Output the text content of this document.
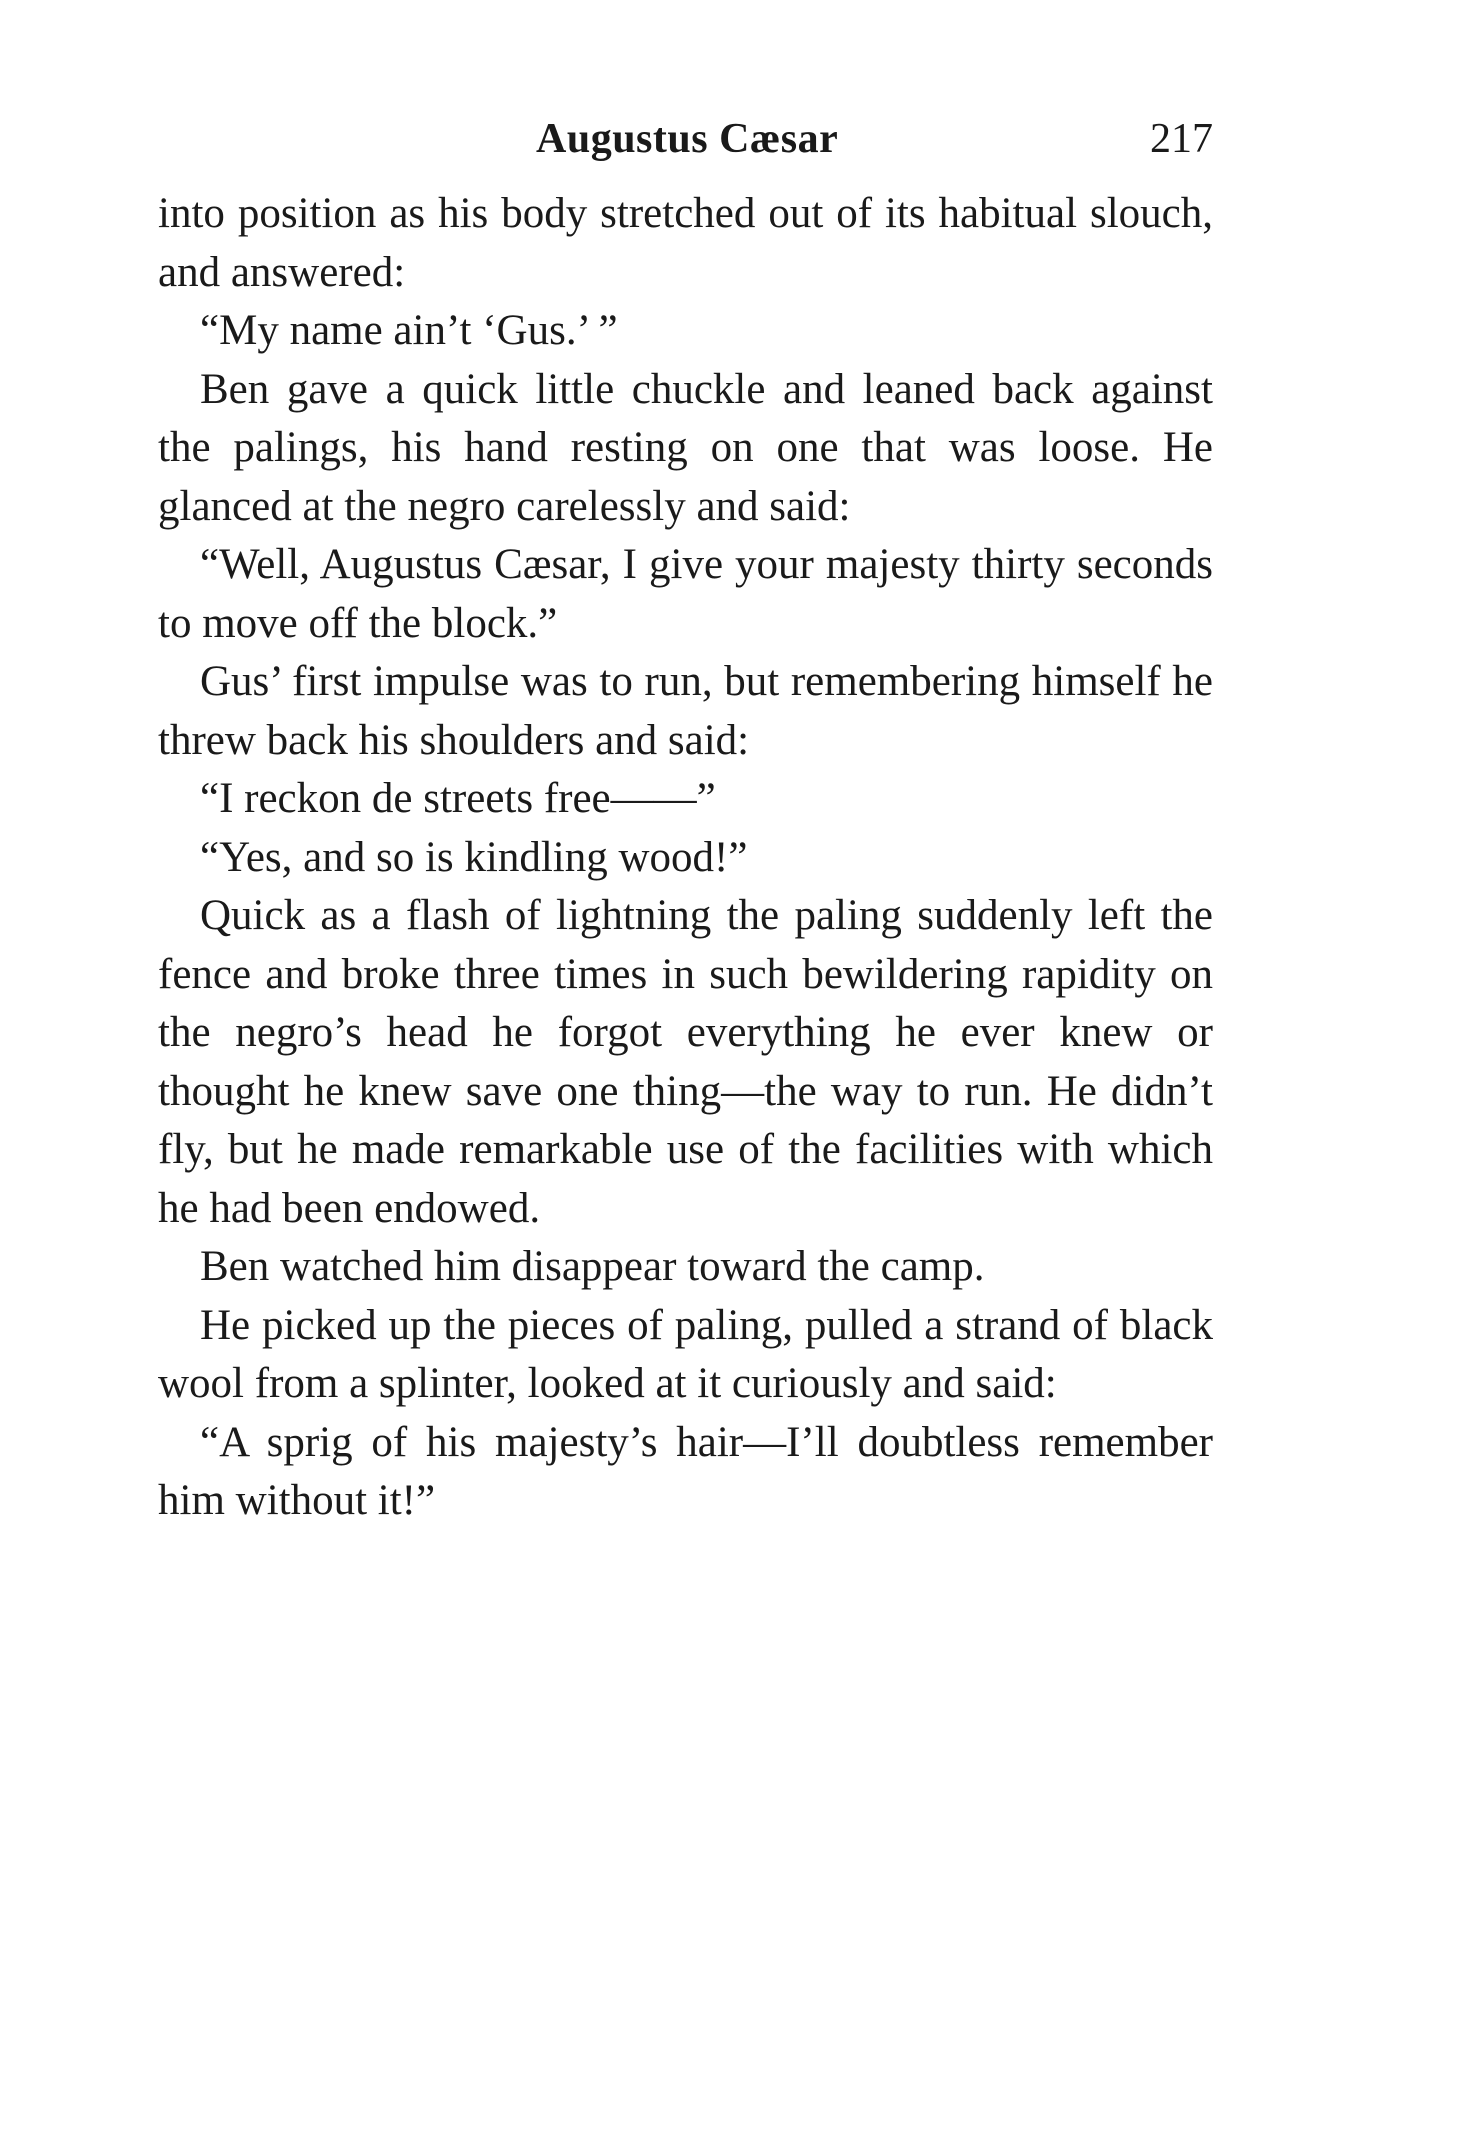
Augustus Cæsar	217

into position as his body stretched out of its habitual slouch, and answered:

“My name ain’t ‘Gus.’ ”

Ben gave a quick little chuckle and leaned back against the palings, his hand resting on one that was loose. He glanced at the negro carelessly and said:

“Well, Augustus Cæsar, I give your majesty thirty seconds to move off the block.”

Gus’ first impulse was to run, but remembering himself he threw back his shoulders and said:

“I reckon de streets free——”

“Yes, and so is kindling wood!”

Quick as a flash of lightning the paling suddenly left the fence and broke three times in such bewildering rapidity on the negro’s head he forgot everything he ever knew or thought he knew save one thing—the way to run. He didn’t fly, but he made remarkable use of the facilities with which he had been endowed.

Ben watched him disappear toward the camp.

He picked up the pieces of paling, pulled a strand of black wool from a splinter, looked at it curiously and said:

“A sprig of his majesty’s hair—I’ll doubtless remember him without it!”
